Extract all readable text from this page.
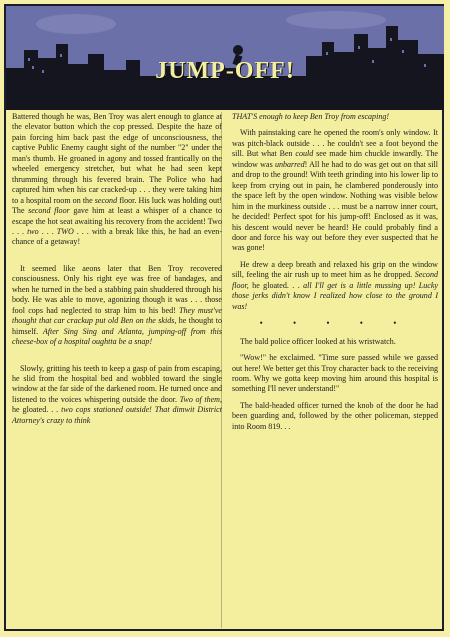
JUMP-OFF!

Battered though he was, Ben Troy was alert enough to glance at the elevator button which the cop pressed. Despite the haze of pain forcing him back past the edge of unconsciousness, the captive Public Enemy caught sight of the number "2" under the man's thumb. He groaned in agony and tossed frantically on the wheeled emergency stretcher, but what he had seen kept thrumming through his fevered brain. The Police who had captured him when his car cracked-up . . . they were taking him to a hospital room on the second floor. His luck was holding out! The second floor gave him at least a whisper of a chance to escape the hot seat awaiting his recovery from the accident! Two . . . two . . . TWO . . . with a break like this, he had an even-chance of a getaway!

It seemed like aeons later that Ben Troy recovered consciousness. Only his right eye was free of bandages, and when he turned in the bed a stabbing pain shuddered through his body. He was able to move, agonizing though it was . . . those fool cops had neglected to strap him to his bed! They must've thought that car crackup put old Ben on the skids, he thought to himself. After Sing Sing and Atlanta, jumping-off from this cheese-box of a hospital oughtta be a snap!

Slowly, gritting his teeth to keep a gasp of pain from escaping, he slid from the hospital bed and wobbled toward the single window at the far side of the darkened room. He turned once and listened to the voices whispering outside the door. Two of them, he gloated. . . two cops stationed outside! That dimwit District Attorney's crazy to think

THAT'S enough to keep Ben Troy from escaping!

With painstaking care he opened the room's only window. It was pitch-black outside . . . he couldn't see a foot beyond the sill. But what Ben could see made him chuckle inwardly. The window was unbarred! All he had to do was get out on that sill and drop to the ground! With teeth grinding into his lower lip to keep from crying out in pain, he clambered ponderously into the space left by the open window. Nothing was visible below him in the murkiness outside . . . must be a narrow inner court, he decided! Perfect spot for his jump-off! Enclosed as it was, his descent would never be heard! He could probably find a door and force his way out before they ever suspected that he was gone!

He drew a deep breath and relaxed his grip on the window sill, feeling the air rush up to meet him as he dropped. Second floor, he gloated. . . all I'll get is a little mussing up! Lucky those jerks didn't know I realized how close to the ground I was!

• • • • •

The bald police officer looked at his wristwatch.

"Wow!" he exclaimed. "Time sure passed while we gassed out here! We better get this Troy character back to the receiving room. Why we gotta keep moving him around this hospital is something I'll never understand!"

The bald-headed officer turned the knob of the door he had been guarding and, followed by the other policeman, stepped into Room 819. . .
